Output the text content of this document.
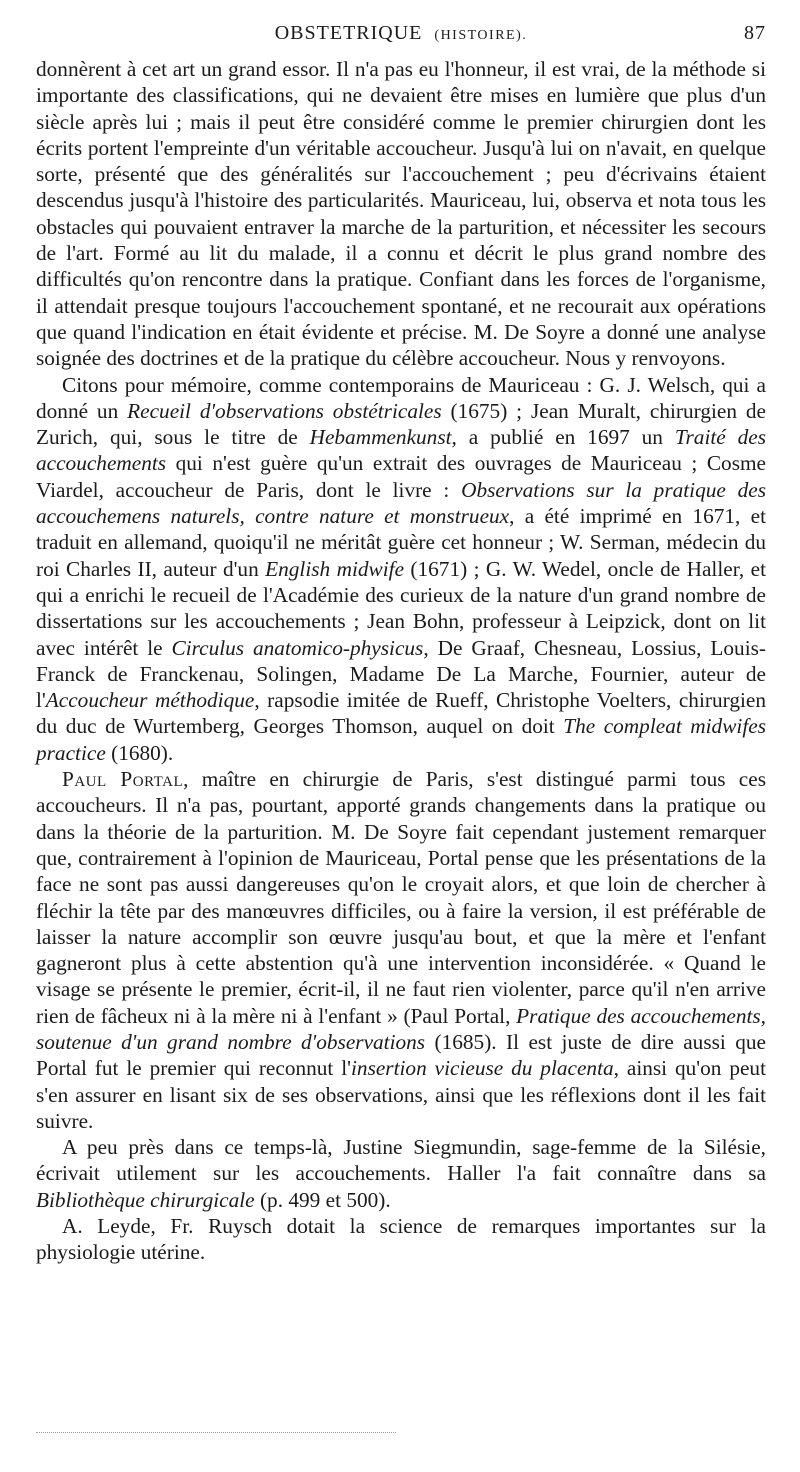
OBSTETRIQUE (HISTOIRE).	87

donnèrent à cet art un grand essor. Il n'a pas eu l'honneur, il est vrai, de la méthode si importante des classifications, qui ne devaient être mises en lumière que plus d'un siècle après lui ; mais il peut être considéré comme le premier chirurgien dont les écrits portent l'empreinte d'un véritable accoucheur. Jusqu'à lui on n'avait, en quelque sorte, présenté que des généralités sur l'accouchement ; peu d'écrivains étaient descendus jusqu'à l'histoire des particularités. Mauriceau, lui, observa et nota tous les obstacles qui pouvaient entraver la marche de la parturition, et nécessiter les secours de l'art. Formé au lit du malade, il a connu et décrit le plus grand nombre des difficultés qu'on rencontre dans la pratique. Confiant dans les forces de l'organisme, il attendait presque toujours l'accouchement spontané, et ne recourait aux opérations que quand l'indication en était évidente et précise. M. De Soyre a donné une analyse soignée des doctrines et de la pratique du célèbre accoucheur. Nous y renvoyons.

Citons pour mémoire, comme contemporains de Mauriceau : G. J. Welsch, qui a donné un Recueil d'observations obstétricales (1675) ; Jean Muralt, chirurgien de Zurich, qui, sous le titre de Hebammenkunst, a publié en 1697 un Traité des accouchements qui n'est guère qu'un extrait des ouvrages de Mauriceau ; Cosme Viardel, accoucheur de Paris, dont le livre : Observations sur la pratique des accouchemens naturels, contre nature et monstrueux, a été imprimé en 1671, et traduit en allemand, quoiqu'il ne méritât guère cet honneur ; W. Serman, médecin du roi Charles II, auteur d'un English midwife (1671) ; G. W. Wedel, oncle de Haller, et qui a enrichi le recueil de l'Académie des curieux de la nature d'un grand nombre de dissertations sur les accouchements ; Jean Bohn, professeur à Leipzick, dont on lit avec intérêt le Circulus anatomico-physicus, De Graaf, Chesneau, Lossius, Louis-Franck de Franckenau, Solingen, Madame De La Marche, Fournier, auteur de l'Accoucheur méthodique, rapsodie imitée de Rueff, Christophe Voelters, chirurgien du duc de Wurtemberg, Georges Thomson, auquel on doit The compleat midwifes practice (1680).

Paul Portal, maître en chirurgie de Paris, s'est distingué parmi tous ces accoucheurs. Il n'a pas, pourtant, apporté grands changements dans la pratique ou dans la théorie de la parturition. M. De Soyre fait cependant justement remarquer que, contrairement à l'opinion de Mauriceau, Portal pense que les présentations de la face ne sont pas aussi dangereuses qu'on le croyait alors, et que loin de chercher à fléchir la tête par des manœuvres difficiles, ou à faire la version, il est préférable de laisser la nature accomplir son œuvre jusqu'au bout, et que la mère et l'enfant gagneront plus à cette abstention qu'à une intervention inconsidérée. « Quand le visage se présente le premier, écrit-il, il ne faut rien violenter, parce qu'il n'en arrive rien de fâcheux ni à la mère ni à l'enfant » (Paul Portal, Pratique des accouchements, soutenue d'un grand nombre d'observations (1685). Il est juste de dire aussi que Portal fut le premier qui reconnut l'insertion vicieuse du placenta, ainsi qu'on peut s'en assurer en lisant six de ses observations, ainsi que les réflexions dont il les fait suivre.

A peu près dans ce temps-là, Justine Siegmundin, sage-femme de la Silésie, écrivait utilement sur les accouchements. Haller l'a fait connaître dans sa Bibliothèque chirurgicale (p. 499 et 500).

A. Leyde, Fr. Ruysch dotait la science de remarques importantes sur la physiologie utérine.
